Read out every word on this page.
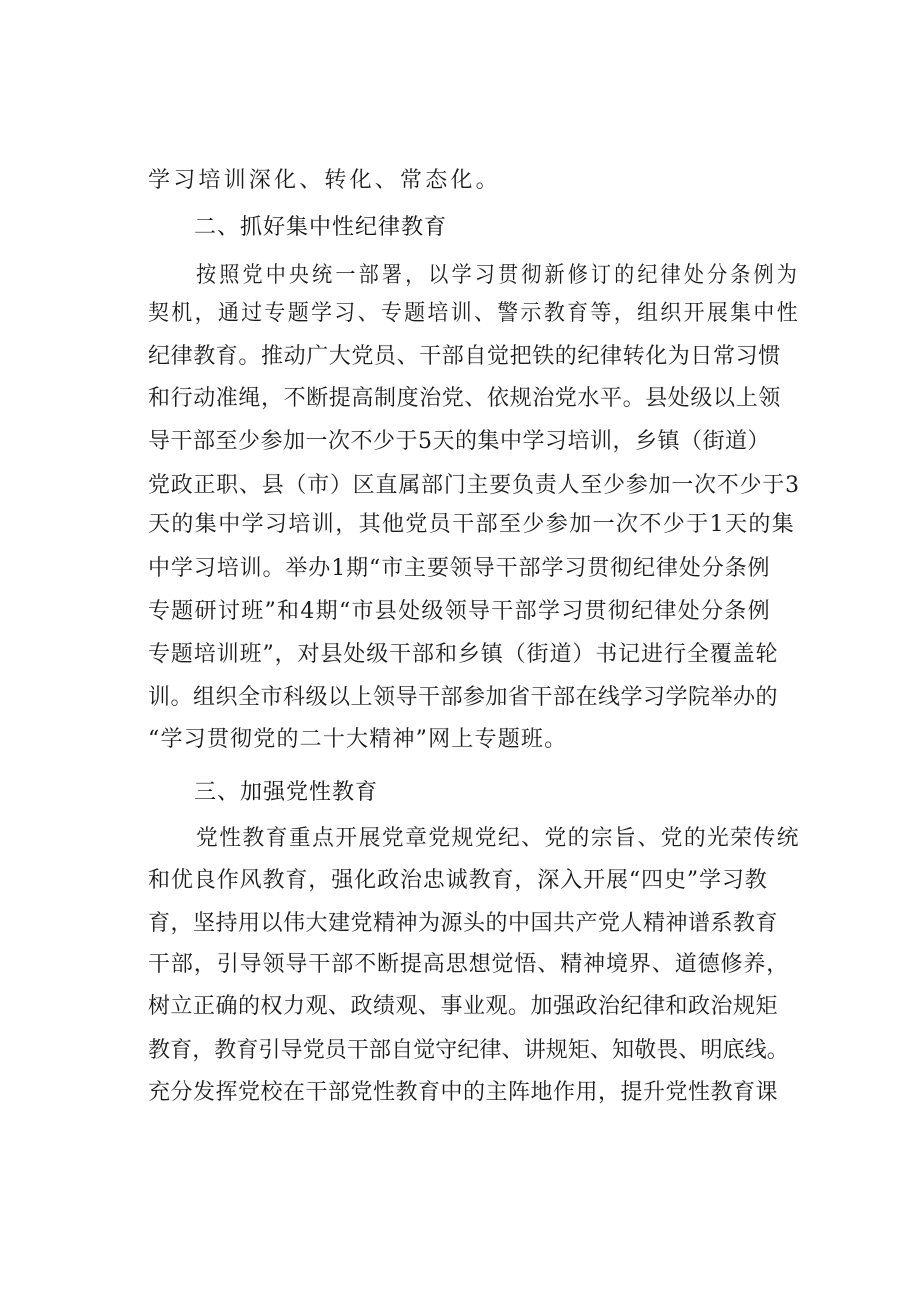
学习培训深化、转化、常态化。
二、抓好集中性纪律教育
按照党中央统一部署，以学习贯彻新修订的纪律处分条例为
契机，通过专题学习、专题培训、警示教育等，组织开展集中性
纪律教育。推动广大党员、干部自觉把铁的纪律转化为日常习惯
和行动准绳，不断提高制度治党、依规治党水平。县处级以上领
导干部至少参加一次不少于5天的集中学习培训，乡镇（街道）
党政正职、县（市）区直属部门主要负责人至少参加一次不少于3
天的集中学习培训，其他党员干部至少参加一次不少于1天的集
中学习培训。举办1期“市主要领导干部学习贯彻纪律处分条例
专题研讨班”和4期“市县处级领导干部学习贯彻纪律处分条例
专题培训班”，对县处级干部和乡镇（街道）书记进行全覆盖轮
训。组织全市科级以上领导干部参加省干部在线学习学院举办的
“学习贯彻党的二十大精神”网上专题班。
三、加强党性教育
党性教育重点开展党章党规党纪、党的宗旨、党的光荣传统
和优良作风教育，强化政治忠诚教育，深入开展“四史”学习教
育，坚持用以伟大建党精神为源头的中国共产党人精神谱系教育
干部，引导领导干部不断提高思想觉悟、精神境界、道德修养，
树立正确的权力观、政绩观、事业观。加强政治纪律和政治规矩
教育，教育引导党员干部自觉守纪律、讲规矩、知敬畏、明底线。
充分发挥党校在干部党性教育中的主阵地作用，提升党性教育课
